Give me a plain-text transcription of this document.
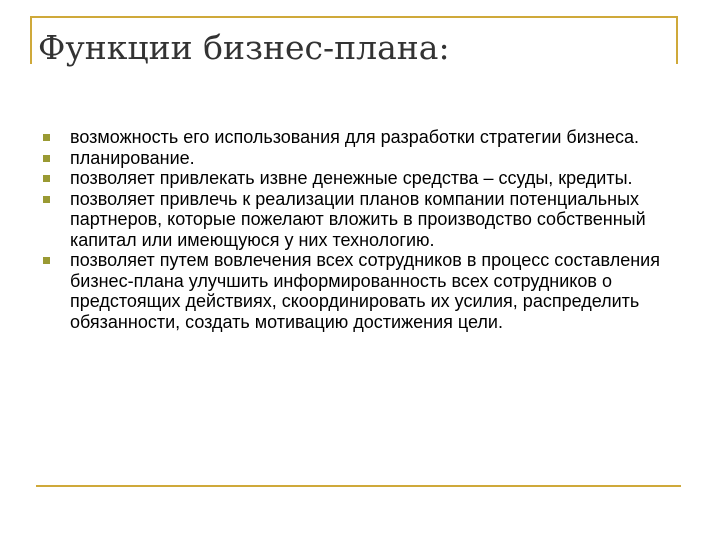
Функции бизнес-плана:
возможность его использования для разработки стратегии бизнеса.
планирование.
позволяет привлекать извне денежные средства – ссуды, кредиты.
позволяет привлечь к реализации планов компании потенциальных партнеров, которые пожелают вложить в производство собственный капитал или имеющуюся у них технологию.
позволяет путем вовлечения всех сотрудников в процесс составления бизнес-плана улучшить информированность всех сотрудников о предстоящих действиях, скоординировать их усилия, распределить обязанности, создать мотивацию достижения цели.
